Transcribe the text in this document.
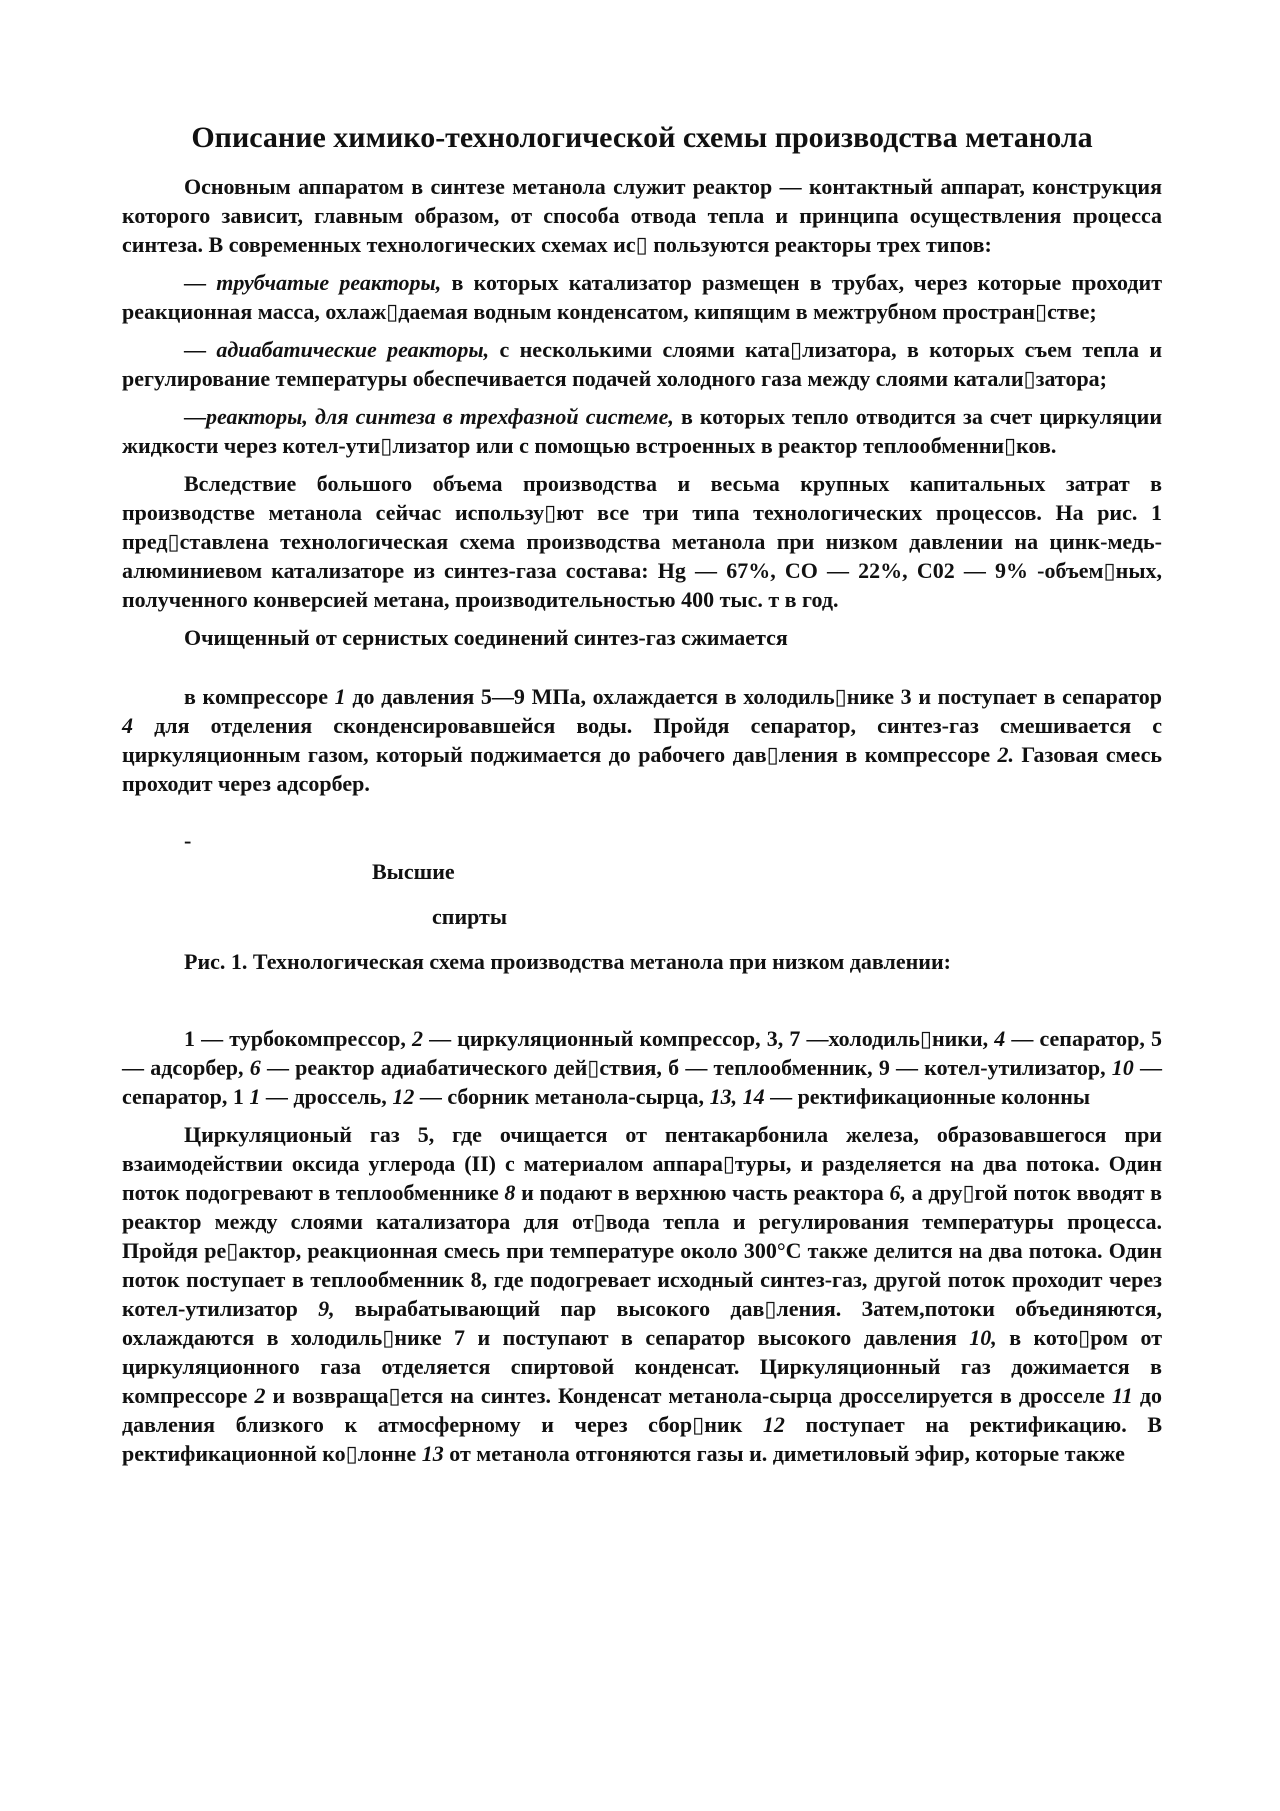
Описание химико-технологической схемы производства метанола

Основным аппаратом в синтезе метанола служит реактор — контактный аппарат, конструкция которого зависит, главным образом, от способа отвода тепла и принципа осуществления процесса синтеза. В современных технологических схемах ис▯ пользуются реакторы трех типов:

— трубчатые реакторы, в которых катализатор размещен в трубах, через которые проходит реакционная масса, охлаж▯даемая водным конденсатом, кипящим в межтрубном простран▯стве;

— адиабатические реакторы, с несколькими слоями ката▯лизатора, в которых съем тепла и регулирование температуры обеспечивается подачей холодного газа между слоями катали▯затора;

—реакторы, для синтеза в трехфазной системе, в которых тепло отводится за счет циркуляции жидкости через котел-ути▯лизатор или с помощью встроенных в реактор теплообменни▯ков.

Вследствие большого объема производства и весьма крупных капитальных затрат в производстве метанола сейчас использу▯ют все три типа технологических процессов. На рис. 1 пред▯ставлена технологическая схема производства метанола при низком давлении на цинк-медь-алюминиевом катализаторе из синтез-газа состава: Hg — 67%, СО — 22%, С02 — 9% -объем▯ных, полученного конверсией метана, производительностью 400 тыс. т в год.

Очищенный от сернистых соединений синтез-газ сжимается

в компрессоре 1 до давления 5—9 МПа, охлаждается в холодиль▯нике 3 и поступает в сепаратор 4 для отделения сконденсировавшейся воды. Пройдя сепаратор, синтез-газ смешивается с циркуляционным газом, который поджимается до рабочего дав▯ления в компрессоре 2. Газовая смесь проходит через адсорбер.

-

Высшие

спирты

Рис. 1. Технологическая схема производства метанола при низком давлении:

1 — турбокомпрессор, 2 — циркуляционный компрессор, 3, 7 —холодиль▯ники, 4 — сепаратор, 5 — адсорбер, 6 — реактор адиабатического дей▯ствия, б — теплообменник, 9 — котел-утилизатор, 10 — сепаратор, 1 1 — дроссель, 12 — сборник метанола-сырца, 13, 14 — ректификационные колонны

Циркуляционый газ 5, где очищается от пентакарбонила железа, образовавшегося при взаимодействии оксида углерода (II) с материалом аппара▯туры, и разделяется на два потока. Один поток подогревают в теплообменнике 8 и подают в верхнюю часть реактора 6, а дру▯гой поток вводят в реактор между слоями катализатора для от▯вода тепла и регулирования температуры процесса. Пройдя ре▯актор, реакционная смесь при температуре около 300°С также делится на два потока. Один поток поступает в теплообменник 8, где подогревает исходный синтез-газ, другой поток проходит через котел-утилизатор 9, вырабатывающий пар высокого дав▯ления. Затем,потоки объединяются, охлаждаются в холодиль▯нике 7 и поступают в сепаратор высокого давления 10, в кото▯ром от циркуляционного газа отделяется спиртовой конденсат. Циркуляционный газ дожимается в компрессоре 2 и возвраща▯ется на синтез. Конденсат метанола-сырца дросселируется в дросселе 11 до давления близкого к атмосферному и через сбор▯ник 12 поступает на ректификацию. В ректификационной ко▯лонне 13 от метанола отгоняются газы и. диметиловый эфир, которые также
